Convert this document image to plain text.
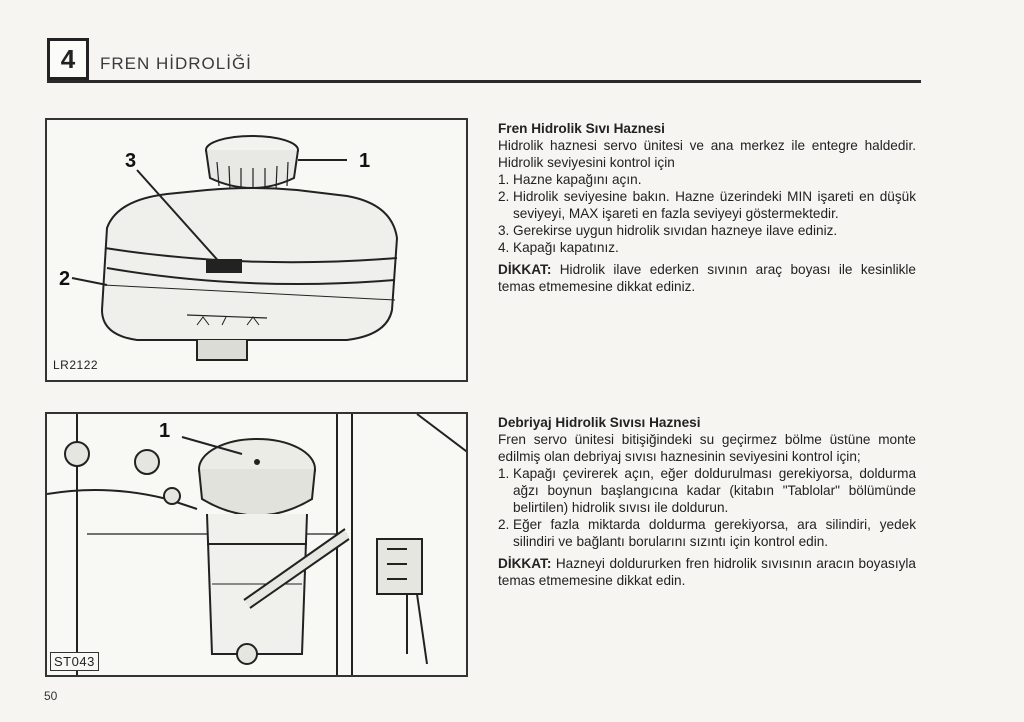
4 FREN HİDROLİĞİ
1
2
3
LR2122
1
ST043
Fren Hidrolik Sıvı Haznesi

Hidrolik haznesi servo ünitesi ve ana merkez ile entegre haldedir. Hidrolik seviyesini kontrol için

1. Hazne kapağını açın.
2. Hidrolik seviyesine bakın. Hazne üzerindeki MIN işareti en düşük seviyeyi, MAX işareti en fazla seviyeyi göstermektedir.
3. Gerekirse uygun hidrolik sıvıdan hazneye ilave ediniz.
4. Kapağı kapatınız.

DİKKAT: Hidrolik ilave ederken sıvının araç boyası ile kesinlikle temas etmemesine dikkat ediniz.

Debriyaj Hidrolik Sıvısı Haznesi

Fren servo ünitesi bitişiğindeki su geçirmez bölme üstüne monte edilmiş olan debriyaj sıvısı haznesinin seviyesini kontrol için;

1. Kapağı çevirerek açın, eğer doldurulması gerekiyorsa, doldurma ağzı boynun başlangıcına kadar (kitabın "Tablolar" bölümünde belirtilen) hidrolik sıvısı ile doldurun.
2. Eğer fazla miktarda doldurma gerekiyorsa, ara silindiri, yedek silindiri ve bağlantı borularını sızıntı için kontrol edin.

DİKKAT: Hazneyi doldururken fren hidrolik sıvısının aracın boyasıyla temas etmemesine dikkat edin.

50
